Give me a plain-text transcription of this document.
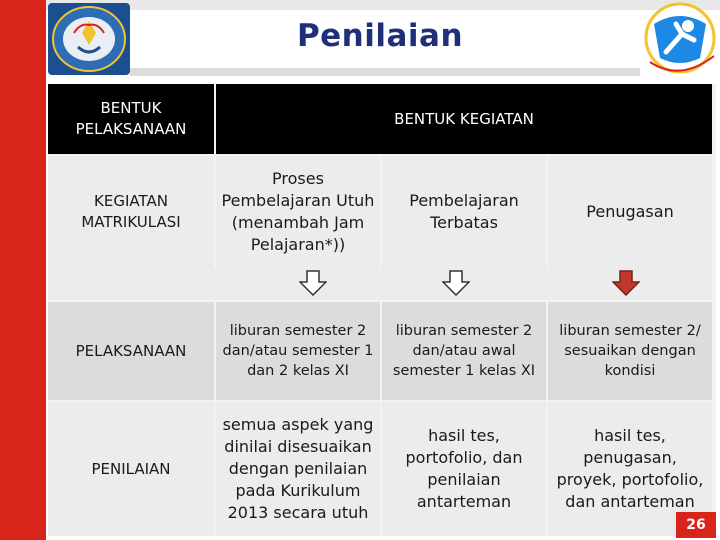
Penilaian
BENTUK PELAKSANAAN
BENTUK KEGIATAN
KEGIATAN MATRIKULASI
Proses Pembelajaran Utuh (menambah Jam Pelajaran*))
Pembelajaran Terbatas
Penugasan
PELAKSANAAN
liburan semester 2 dan/atau semester 1 dan 2 kelas XI
liburan semester 2 dan/atau awal semester 1 kelas XI
liburan semester 2/ sesuaikan dengan kondisi
PENILAIAN
semua aspek yang dinilai disesuaikan dengan penilaian pada Kurikulum 2013 secara utuh
hasil tes, portofolio, dan penilaian antarteman
hasil tes, penugasan, proyek, portofolio, dan antarteman
26
